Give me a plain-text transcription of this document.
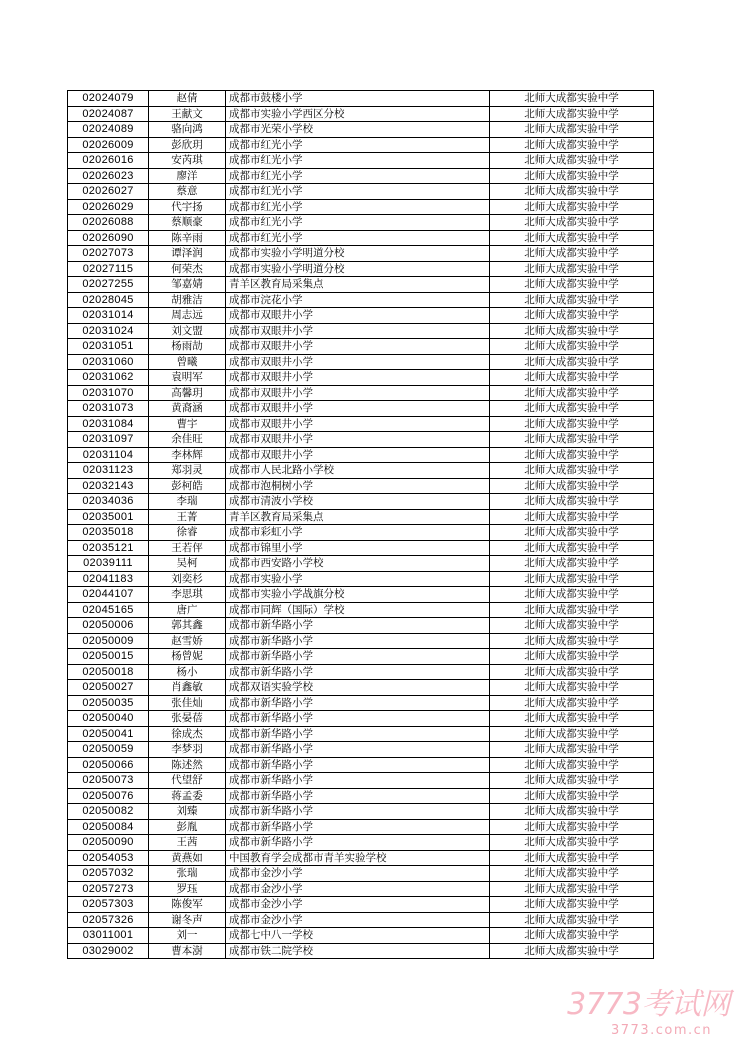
02024079	赵倩	成都市鼓楼小学	北师大成都实验中学
02024087	王献文	成都市实验小学西区分校	北师大成都实验中学
02024089	骆向鸿	成都市光荣小学校	北师大成都实验中学
02026009	彭欣玥	成都市红光小学	北师大成都实验中学
02026016	安芮琪	成都市红光小学	北师大成都实验中学
02026023	廖洋	成都市红光小学	北师大成都实验中学
02026027	蔡意	成都市红光小学	北师大成都实验中学
02026029	代宇扬	成都市红光小学	北师大成都实验中学
02026088	蔡顺豪	成都市红光小学	北师大成都实验中学
02026090	陈辛雨	成都市红光小学	北师大成都实验中学
02027073	谭泽润	成都市实验小学明道分校	北师大成都实验中学
02027115	何荣杰	成都市实验小学明道分校	北师大成都实验中学
02027255	邹嘉婧	青羊区教育局采集点	北师大成都实验中学
02028045	胡雅洁	成都市浣花小学	北师大成都实验中学
02031014	周志远	成都市双眼井小学	北师大成都实验中学
02031024	刘文盟	成都市双眼井小学	北师大成都实验中学
02031051	杨雨劼	成都市双眼井小学	北师大成都实验中学
02031060	曾曦	成都市双眼井小学	北师大成都实验中学
02031062	袁明军	成都市双眼井小学	北师大成都实验中学
02031070	高馨玥	成都市双眼井小学	北师大成都实验中学
02031073	黄裔涵	成都市双眼井小学	北师大成都实验中学
02031084	曹宇	成都市双眼井小学	北师大成都实验中学
02031097	余佳旺	成都市双眼井小学	北师大成都实验中学
02031104	李林辉	成都市双眼井小学	北师大成都实验中学
02031123	郑羽灵	成都市人民北路小学校	北师大成都实验中学
02032143	彭柯皓	成都市泡桐树小学	北师大成都实验中学
02034036	李瑞	成都市清波小学校	北师大成都实验中学
02035001	王菁	青羊区教育局采集点	北师大成都实验中学
02035018	徐睿	成都市彩虹小学	北师大成都实验中学
02035121	王若伻	成都市锦里小学	北师大成都实验中学
02039111	吴柯	成都市西安路小学校	北师大成都实验中学
02041183	刘奕杉	成都市实验小学	北师大成都实验中学
02044107	李思琪	成都市实验小学战旗分校	北师大成都实验中学
02045165	唐广	成都市同辉（国际）学校	北师大成都实验中学
02050006	郭其鑫	成都市新华路小学	北师大成都实验中学
02050009	赵雪娇	成都市新华路小学	北师大成都实验中学
02050015	杨曾妮	成都市新华路小学	北师大成都实验中学
02050018	杨小	成都市新华路小学	北师大成都实验中学
02050027	肖鑫敏	成都双语实验学校	北师大成都实验中学
02050035	张佳灿	成都市新华路小学	北师大成都实验中学
02050040	张晏蓓	成都市新华路小学	北师大成都实验中学
02050041	徐成杰	成都市新华路小学	北师大成都实验中学
02050059	李梦羽	成都市新华路小学	北师大成都实验中学
02050066	陈述然	成都市新华路小学	北师大成都实验中学
02050073	代望舒	成都市新华路小学	北师大成都实验中学
02050076	蒋孟委	成都市新华路小学	北师大成都实验中学
02050082	刘臻	成都市新华路小学	北师大成都实验中学
02050084	彭胤	成都市新华路小学	北师大成都实验中学
02050090	王茜	成都市新华路小学	北师大成都实验中学
02054053	黄燕如	中国教育学会成都市青羊实验学校	北师大成都实验中学
02057032	张瑞	成都市金沙小学	北师大成都实验中学
02057273	罗珏	成都市金沙小学	北师大成都实验中学
02057303	陈俊军	成都市金沙小学	北师大成都实验中学
02057326	谢冬声	成都市金沙小学	北师大成都实验中学
03011001	刘一	成都七中八一学校	北师大成都实验中学
03029002	曹本澍	成都市铁二院学校	北师大成都实验中学
3773考试网
3773.com.cn
